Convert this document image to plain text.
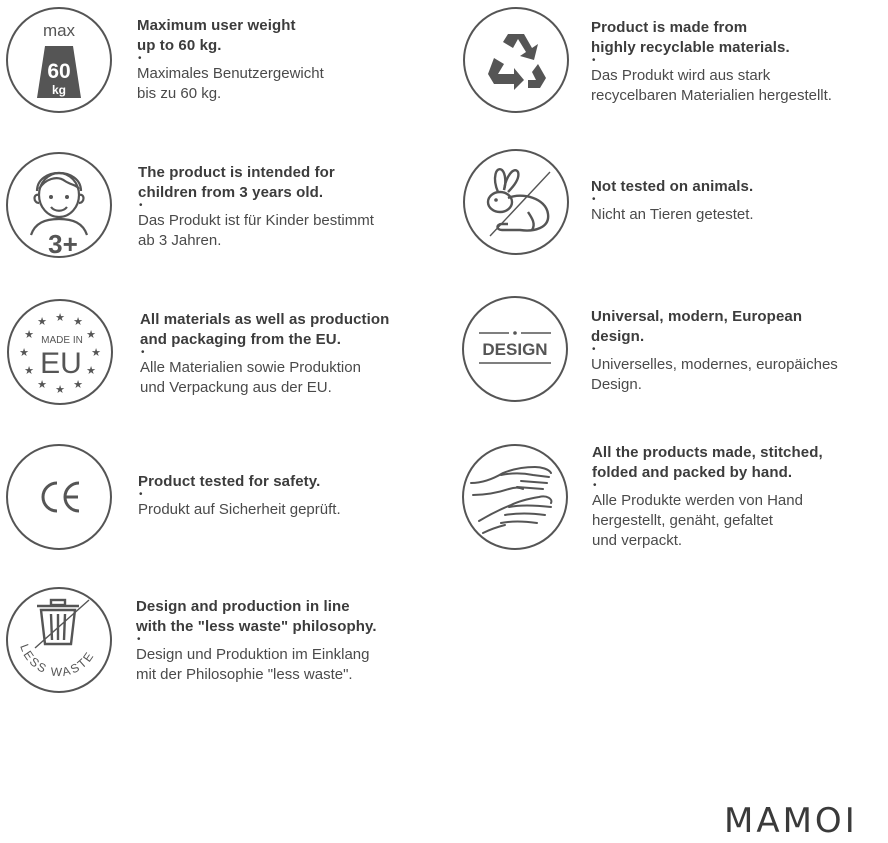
max
60
kg
Maximum user weight
up to 60 kg.
•
Maximales Benutzergewicht
bis zu 60 kg.
Product is made from
highly recyclable materials.
•
Das Produkt wird aus stark
recycelbaren Materialien hergestellt.
3+
The product is intended for
children from 3 years old.
•
Das Produkt ist für Kinder bestimmt
ab 3 Jahren.
Not tested on animals.
•
Nicht an Tieren getestet.
★ ★
★
★
★
★
★
★
★
★
★
★
MADE IN
EU
All materials as well as production
and packaging from the EU.
•
Alle Materialien sowie Produktion
und Verpackung aus der EU.
DESIGN
Universal, modern, European
design.
•
Universelles, modernes, europäiches
Design.
CE
Product tested for safety.
•
Produkt auf Sicherheit geprüft.
All the products made, stitched,
folded and packed by hand.
•
Alle Produkte werden von Hand
hergestellt, genäht, gefaltet
und verpackt.
LESS WASTE
Design and production in line
with the "less waste" philosophy.
•
Design und Produktion im Einklang
mit der Philosophie "less waste".
MAMOI
